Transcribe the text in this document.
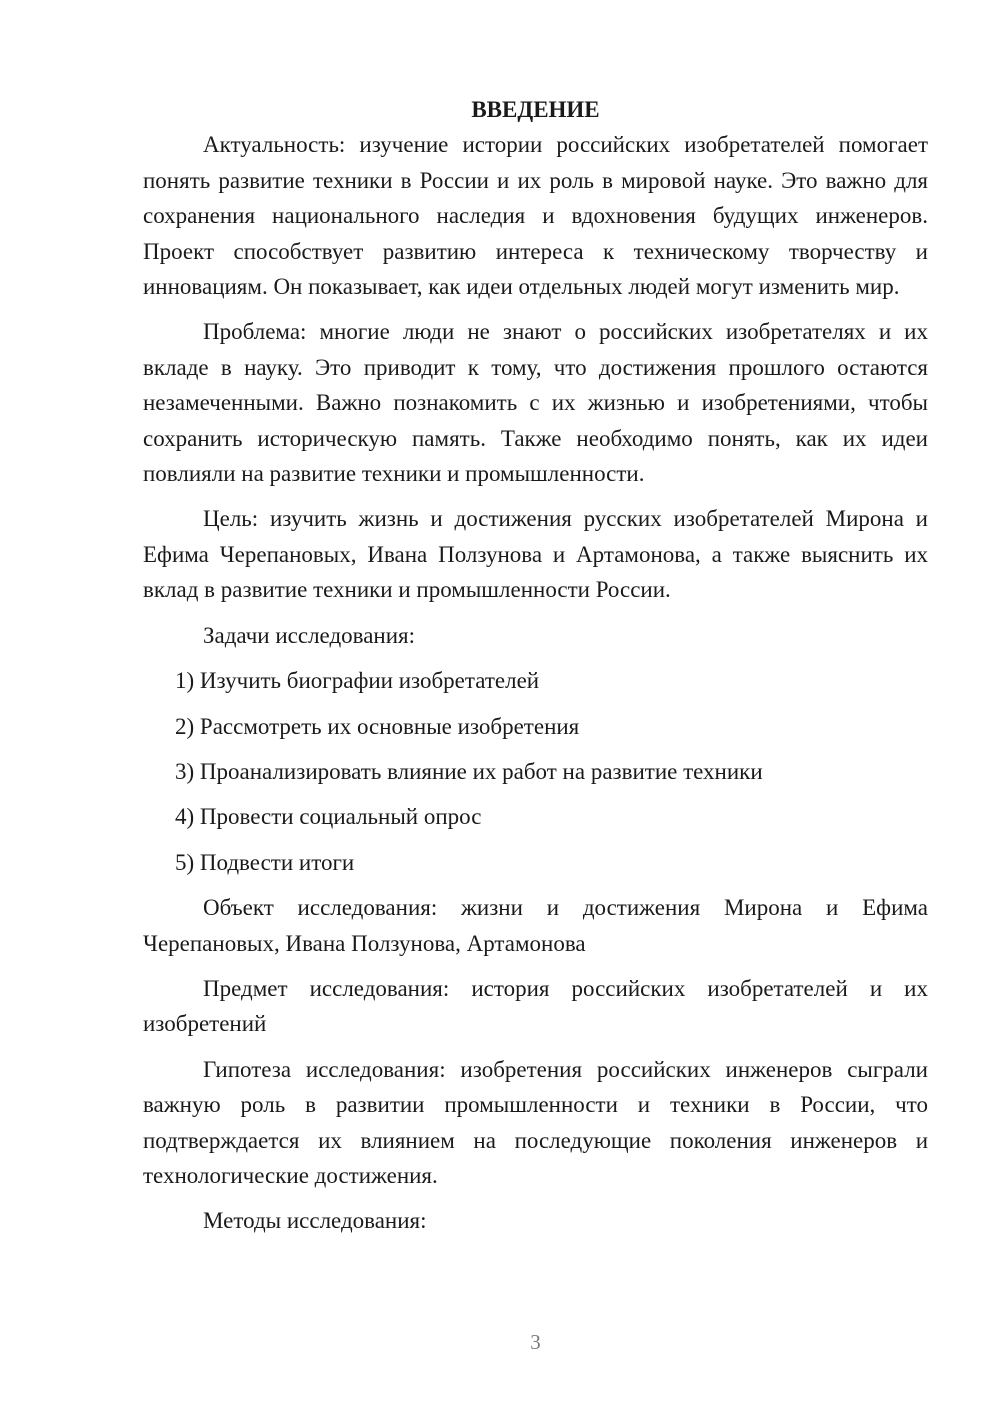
ВВЕДЕНИЕ

Актуальность: изучение истории российских изобретателей помогает понять развитие техники в России и их роль в мировой науке. Это важно для сохранения национального наследия и вдохновения будущих инженеров. Проект способствует развитию интереса к техническому творчеству и инновациям. Он показывает, как идеи отдельных людей могут изменить мир.

Проблема: многие люди не знают о российских изобретателях и их вкладе в науку. Это приводит к тому, что достижения прошлого остаются незамеченными. Важно познакомить с их жизнью и изобретениями, чтобы сохранить историческую память. Также необходимо понять, как их идеи повлияли на развитие техники и промышленности.

Цель: изучить жизнь и достижения русских изобретателей Мирона и Ефима Черепановых, Ивана Ползунова и Артамонова, а также выяснить их вклад в развитие техники и промышленности России.

Задачи исследования:

1) Изучить биографии изобретателей

2) Рассмотреть их основные изобретения

3) Проанализировать влияние их работ на развитие техники

4) Провести социальный опрос

5) Подвести итоги

Объект исследования: жизни и достижения Мирона и Ефима Черепановых, Ивана Ползунова, Артамонова

Предмет исследования: история российских изобретателей и их изобретений

Гипотеза исследования: изобретения российских инженеров сыграли важную роль в развитии промышленности и техники в России, что подтверждается их влиянием на последующие поколения инженеров и технологические достижения.

Методы исследования:

3
